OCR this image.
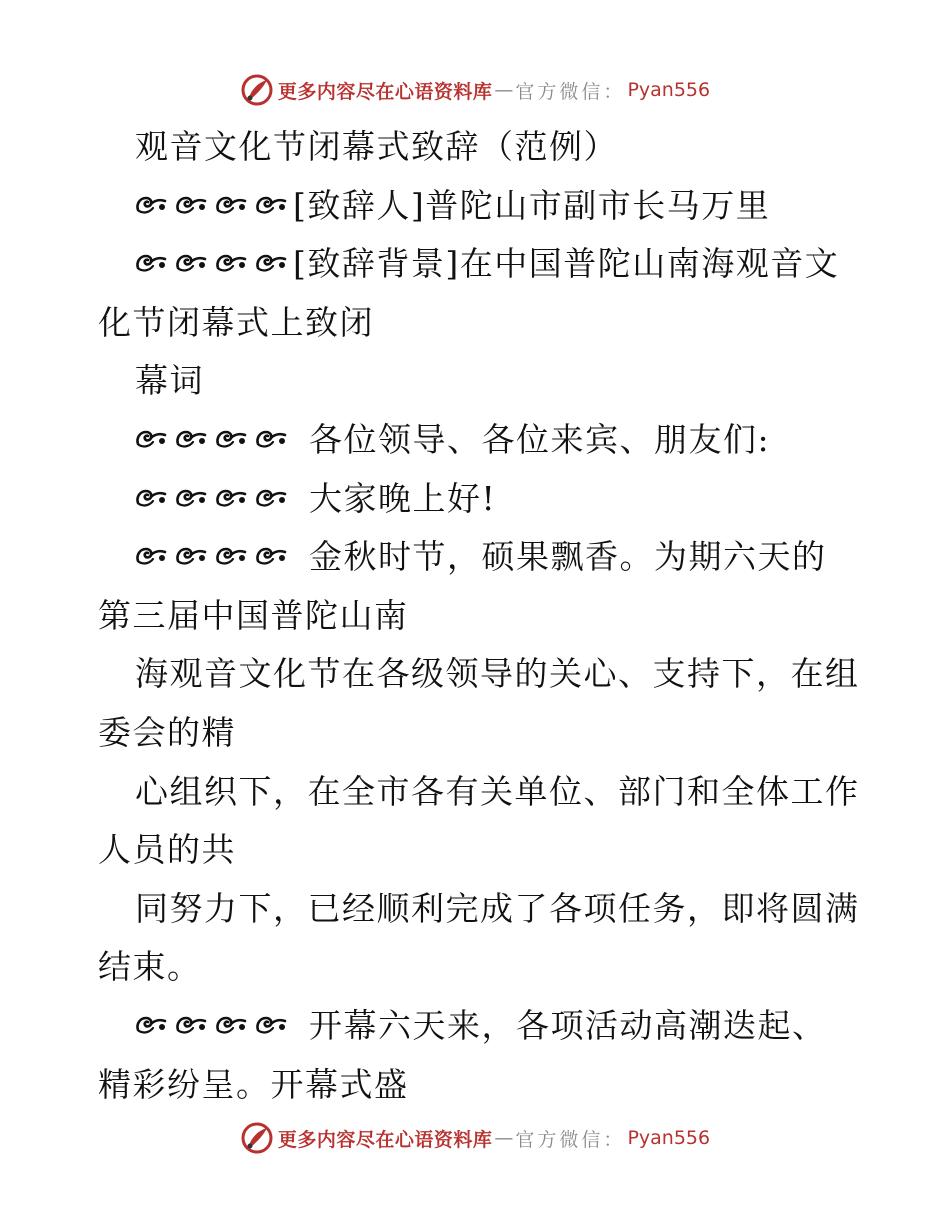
更多内容尽在心语资料库 — 官方微信： Pyan556
观音文化节闭幕式致辞（范例）
[致辞人]普陀山市副市长马万里
[致辞背景]在中国普陀山南海观音文
化节闭幕式上致闭
幕词
各位领导、各位来宾、朋友们:
大家晚上好!
金秋时节，硕果飘香。为期六天的
第三届中国普陀山南
海观音文化节在各级领导的关心、支持下，在组
委会的精
心组织下，在全市各有关单位、部门和全体工作
人员的共
同努力下，已经顺利完成了各项任务，即将圆满
结束。
开幕六天来，各项活动高潮迭起、
精彩纷呈。开幕式盛
更多内容尽在心语资料库 — 官方微信： Pyan556
